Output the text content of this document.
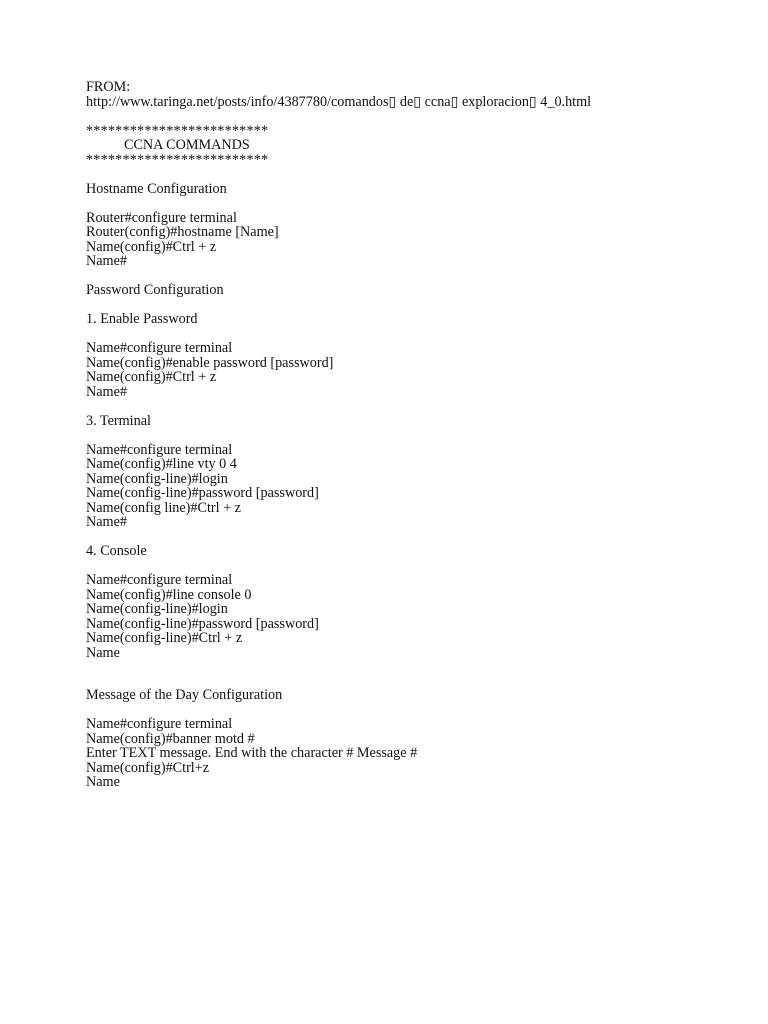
FROM:
http://www.taringa.net/posts/info/4387780/comandos▯ de▯ ccna▯ exploracion▯ 4_0.html
*************************
CCNA COMMANDS
*************************
Hostname Configuration
Router#configure terminal
Router(config)#hostname [Name]
Name(config)#Ctrl + z
Name#
Password Configuration
1. Enable Password
Name#configure terminal
Name(config)#enable password [password]
Name(config)#Ctrl + z
Name#
3. Terminal
Name#configure terminal
Name(config)#line vty 0 4
Name(config-line)#login
Name(config-line)#password [password]
Name(config line)#Ctrl + z
Name#
4. Console
Name#configure terminal
Name(config)#line console 0
Name(config-line)#login
Name(config-line)#password [password]
Name(config-line)#Ctrl + z
Name
Message of the Day Configuration
Name#configure terminal
Name(config)#banner motd #
Enter TEXT message. End with the character # Message #
Name(config)#Ctrl+z
Name
